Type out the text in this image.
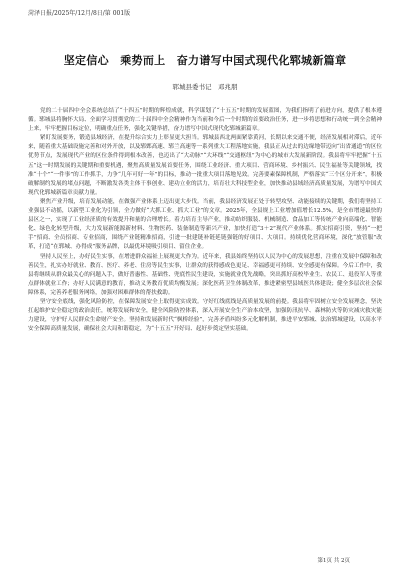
菏泽日报/2025年/12月/8日/第 001版
坚定信心　乘势而上　奋力谱写中国式现代化郓城新篇章
郓城县委书记　邓兆朋

党的二十届四中全会系统总结了“十四五”时期的辉煌成就，科学谋划了“十五五”时期的发展蓝图，为我们指明了前进方向，提供了根本遵循。郓城县将胸怀大局、全面学习贯彻党的二十届四中全会精神作为当前和今后一个时期的首要政治任务，进一步将思想和行动统一到全会精神上来，牢牢把握目标定位，明确重点任务，强化关键举措，奋力谱写中国式现代化郓城新篇章。

紧盯发展要务，锻造县域经济，在提升综合实力上彰显更大担当。郓城县西北两面紧靠黄河，长期以来交通不便，经济发展相对滞后，近年来，随着重大基础设施完善和对外开放，以及郓鄄高速、郓兰高速等一系列重大工程落地实施，我县正从过去的边缘地带迈向“出省通道”的区位优势节点，发展现代产业的区位条件得到根本改善，也迈出了“大动脉”“大环线”“交通枢纽”为中心的城市大发展新阶段。我县将牢牢把握“十五五”这一时期发展的关键期和重要机遇，聚焦高质量发展首要任务，围绕工业经济、重大项目、营商环境、乡村振兴、民生福祉等关键领域，找准“十个”“一件事”的工作抓手，力争“几年可好一年”的目标，推动一批重大项目落地见效。完善要素保障机制，严格落实“三个区分开来”，积极破解制约发展的堵点问题，不断激发各类主体干事创业、建功立业的活力，培育壮大科技型企业，加快推动县域经济高质量发展，为谱写中国式现代化郓城新篇章贡献力量。

聚焦产业升级，培育发展动能，在做强产业体系上迈出更大步伐。当前，我县经济发展正处于转型攻坚、动能接续的关键期，我们将坚持工业强县不动摇，以新型工业化为引领，全力做好“大抓工业、抓大工业”的文章。2025年，全县规上工业增加值增长12.5%，是全市增速最快的县区之一，实现了工业经济质的有效提升和量的合理增长。着力培育主导产业，推动纺织服装、机械制造、食品加工等传统产业向高端化、智能化、绿色化转型升级，大力发展新能源新材料、生物医药、装备制造等新兴产业，加快打造“3＋2”现代产业体系。抓实招商引资，坚持“一把手”招商、全员招商、专业招商，围绕产业链精准招商，引进一批建链补链延链强链的好项目、大项目。持续优化营商环境，深化“放管服”改革，打造“在郓城、办得成”服务品牌，以最优环境吸引项目、留住企业。

坚持人民至上，办好民生实事，在增进群众福祉上展现更大作为。近年来，我县始终坚持以人民为中心的发展思想，注重在发展中保障和改善民生，扎实办好就业、教育、医疗、养老、住房等民生实事，让群众的获得感成色更足、幸福感更可持续、安全感更有保障。今后工作中，我县将继续从群众最关心的问题入手，做好普惠性、基础性、兜底性民生建设，实施就业优先战略，突出抓好高校毕业生、农民工、退役军人等重点群体就业工作；办好人民满意的教育，推动义务教育优质均衡发展；深化医药卫生体制改革，推进紧密型县域医共体建设；健全多层次社会保障体系，完善养老服务网络，加强对困难群体的帮扶救助。

坚守安全底线，强化风险防控，在保障发展安全上取得更实成效。守好红线底线是高质量发展的前提。我县将牢固树立安全发展理念，坚决扛起维护安全稳定的政治责任，统筹发展和安全，健全风险防控体系，深入开展安全生产治本攻坚，加强防汛抗旱、森林防火等防灾减灾救灾能力建设，守护好人民群众生命财产安全。坚持和发展新时代“枫桥经验”，完善矛盾纠纷多元化解机制，推进平安郓城、法治郓城建设，以高水平安全保障高质量发展，确保社会大局和谐稳定，为“十五五”开好局、起好步奠定坚实基础。

第1页 共 2页
